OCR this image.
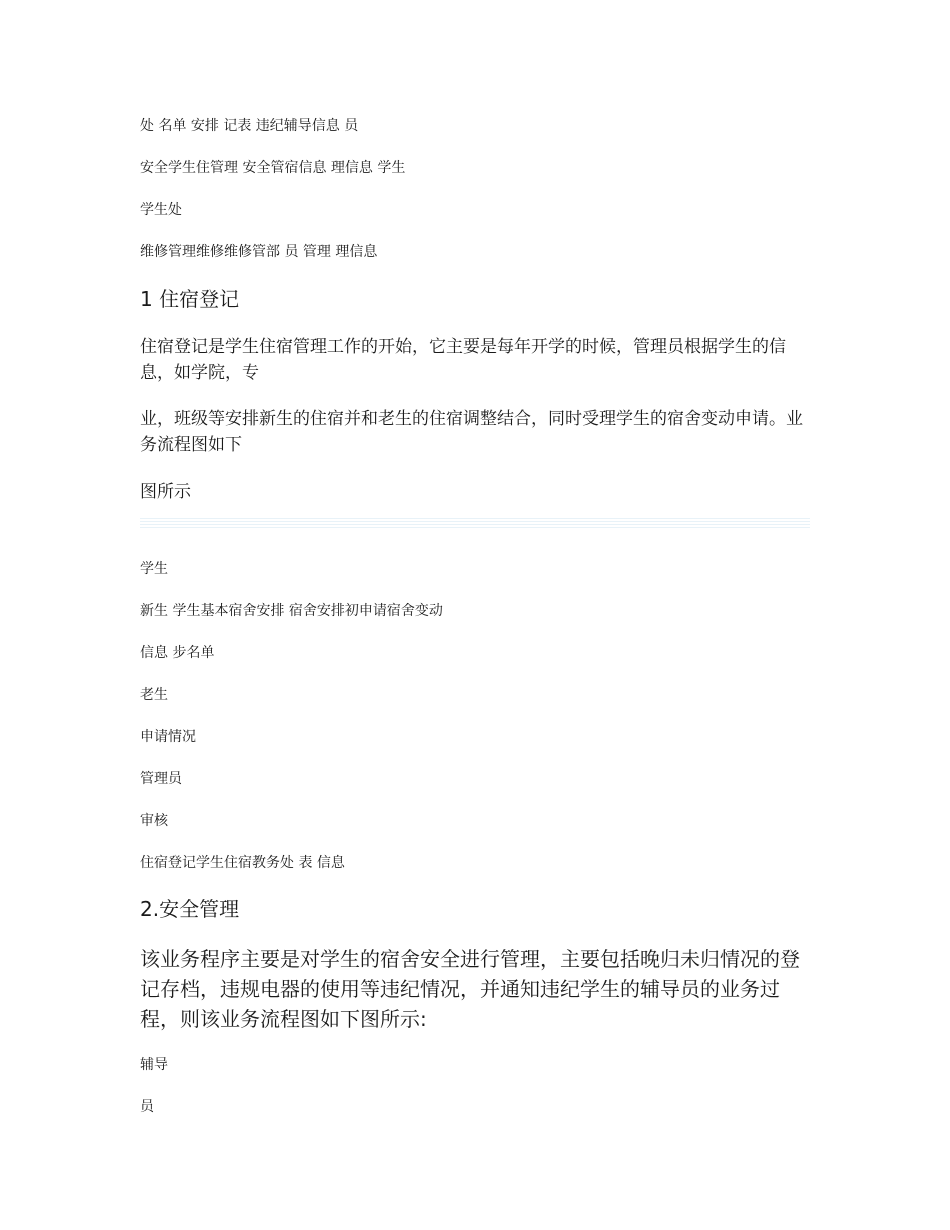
处 名单 安排 记表 违纪辅导信息 员
安全学生住管理 安全管宿信息 理信息 学生
学生处
维修管理维修维修管部 员 管理 理信息
1 住宿登记
住宿登记是学生住宿管理工作的开始，它主要是每年开学的时候，管理员根据学生的信息，如学院，专
业，班级等安排新生的住宿并和老生的住宿调整结合，同时受理学生的宿舍变动申请。业务流程图如下
图所示
学生
新生 学生基本宿舍安排 宿舍安排初申请宿舍变动
信息 步名单
老生
申请情况
管理员
审核
住宿登记学生住宿教务处 表 信息
2.安全管理
该业务程序主要是对学生的宿舍安全进行管理，主要包括晚归未归情况的登记存档，违规电器的使用等违纪情况，并通知违纪学生的辅导员的业务过程，则该业务流程图如下图所示:
辅导
员
